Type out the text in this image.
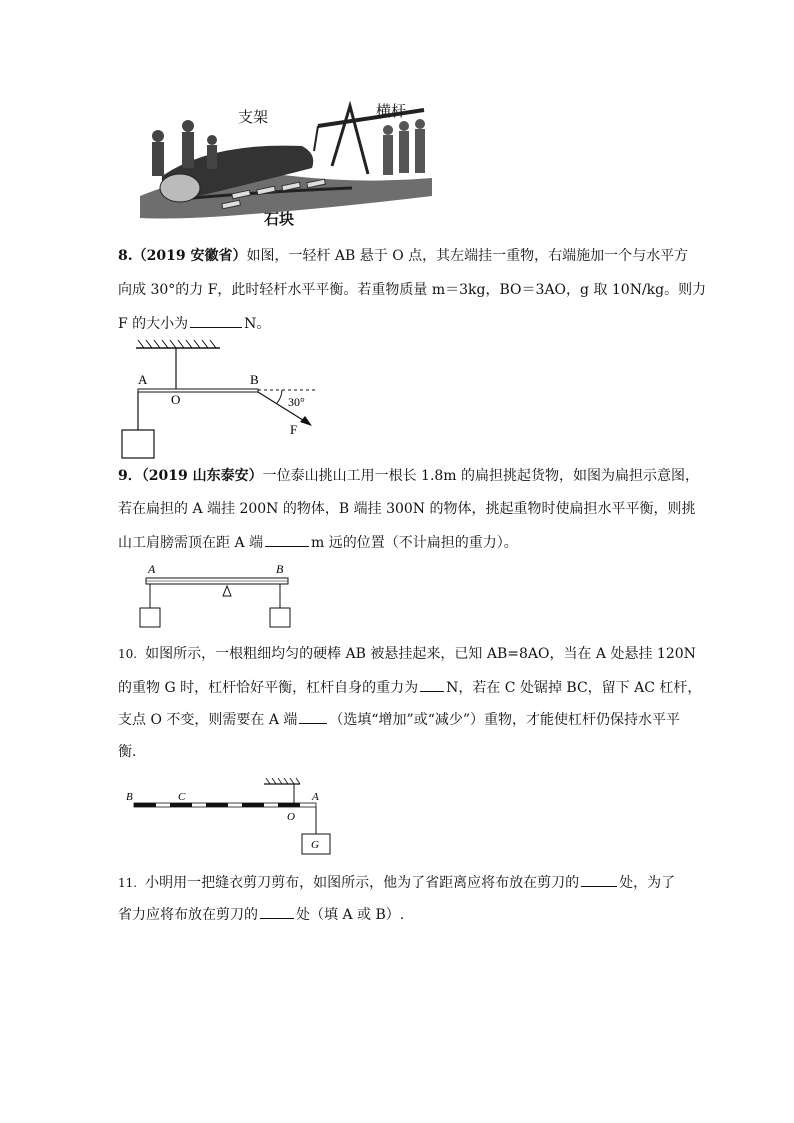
支架	横杆
石块
8.（2019 安徽省）如图，一轻杆 AB 悬于 O 点，其左端挂一重物，右端施加一个与水平方
向成 30°的力 F，此时轻杆水平平衡。若重物质量 m＝3kg，BO＝3AO，g 取 10N/kg。则力
F 的大小为	N。
A
O
B
30°
F
9．（2019 山东泰安）一位泰山挑山工用一根长 1.8m 的扁担挑起货物，如图为扁担示意图，
若在扁担的 A 端挂 200N 的物体，B 端挂 300N 的物体，挑起重物时使扁担水平平衡，则挑
山工肩膀需顶在距 A 端	m 远的位置（不计扁担的重力）。
A	B
10. 如图所示，一根粗细均匀的硬棒 AB 被悬挂起来，已知 AB=8AO，当在 A 处悬挂 120N
的重物 G 时，杠杆恰好平衡，杠杆自身的重力为 N，若在 C 处锯掉 BC，留下 AC 杠杆，
支点 O 不变，则需要在 A 端 （选填“增加”或“减少”）重物，才能使杠杆仍保持水平平
衡．
B	C	A
O
G
11. 小明用一把缝衣剪刀剪布，如图所示，他为了省距离应将布放在剪刀的	处，为了
省力应将布放在剪刀的	处（填 A 或 B）.
